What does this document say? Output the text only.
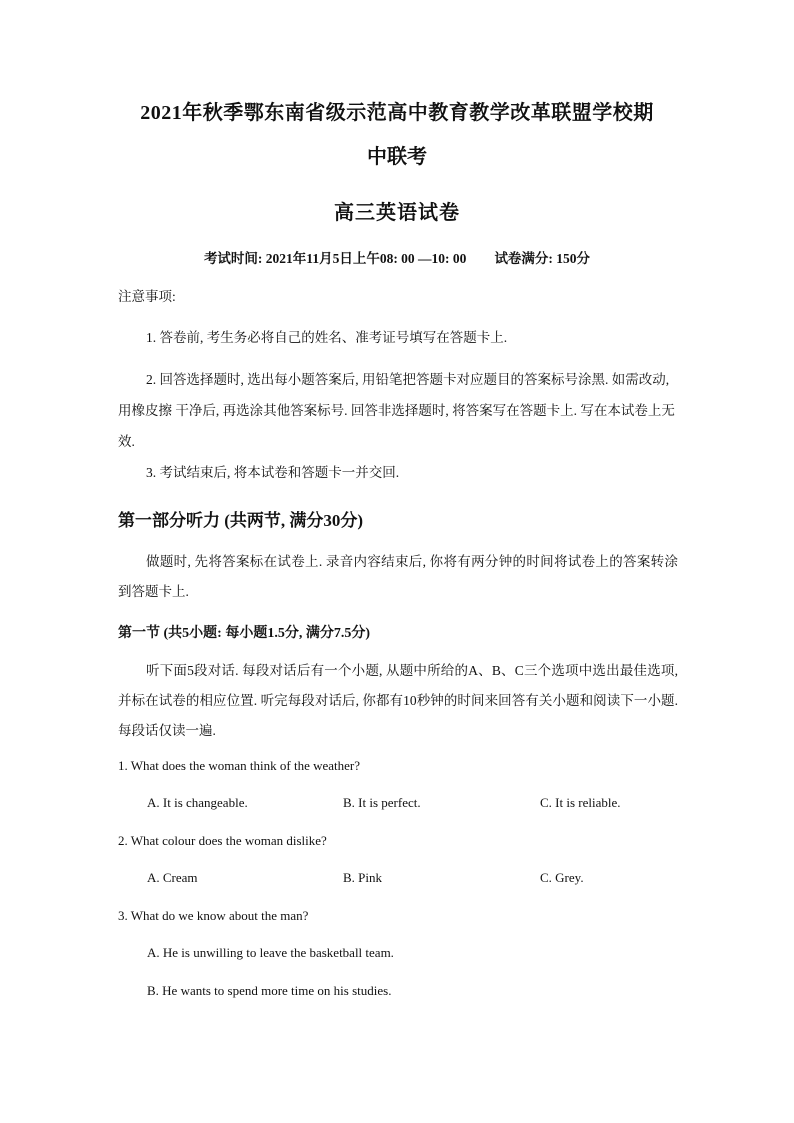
2021年秋季鄂东南省级示范高中教育教学改革联盟学校期
中联考
高三英语试卷
考试时间: 2021年11月5日上午08: 00 —10: 00 试卷满分: 150分
注意事项:
1. 答卷前, 考生务必将自己的姓名、准考证号填写在答题卡上.
2. 回答选择题时, 选出每小题答案后, 用铅笔把答题卡对应题目的答案标号涂黑. 如需改动, 用橡皮擦 干净后, 再选涂其他答案标号. 回答非选择题时, 将答案写在答题卡上. 写在本试卷上无效.
3. 考试结束后, 将本试卷和答题卡一并交回.
第一部分听力 (共两节, 满分30分)
做题时, 先将答案标在试卷上. 录音内容结束后, 你将有两分钟的时间将试卷上的答案转涂到答题卡上.
第一节 (共5小题: 每小题1.5分, 满分7.5分)
听下面5段对话. 每段对话后有一个小题, 从题中所给的A、B、C三个选项中选出最佳选项, 并标在试卷的相应位置. 听完每段对话后, 你都有10秒钟的时间来回答有关小题和阅读下一小题. 每段话仅读一遍.
1. What does the woman think of the weather?
A. It is changeable.	B. It is perfect.	C. It is reliable.
2. What colour does the woman dislike?
A. Cream	B. Pink	C. Grey.
3. What do we know about the man?
A. He is unwilling to leave the basketball team.
B. He wants to spend more time on his studies.
